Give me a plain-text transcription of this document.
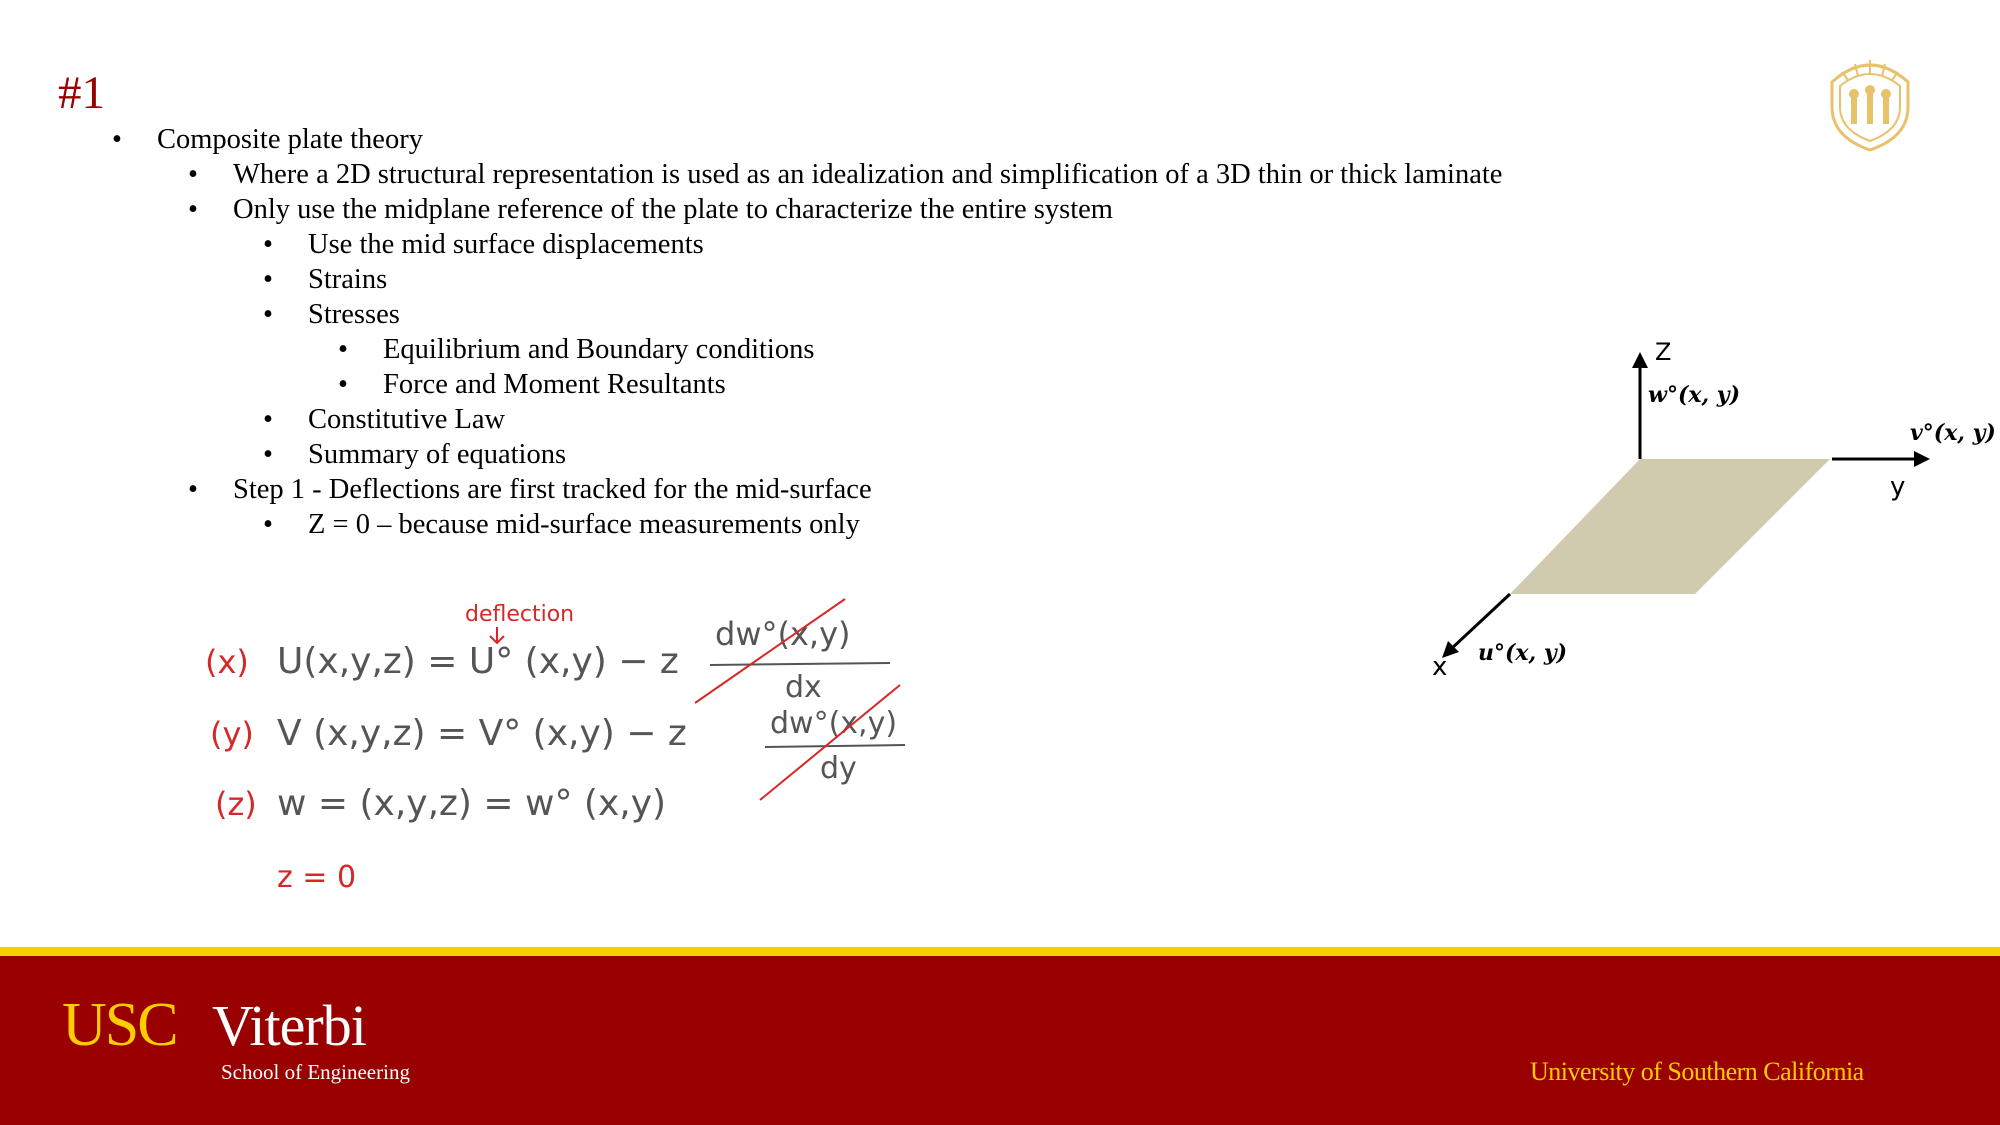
#1
• Composite plate theory
• Where a 2D structural representation is used as an idealization and simplification of a 3D thin or thick laminate
• Only use the midplane reference of the plate to characterize the entire system
• Use the mid surface displacements
• Strains
• Stresses
• Equilibrium and Boundary conditions
• Force and Moment Resultants
• Constitutive Law
• Summary of equations
• Step 1 - Deflections are first tracked for the mid-surface
• Z = 0 – because mid-surface measurements only
deflection
(x) U(x,y,z) = U° (x,y) − z
dw°(x,y)
dx
(y) V (x,y,z) = V° (x,y) − z	dw°(x,y)
dy
(z) w = (x,y,z) = w° (x,y)
z = 0
Z
w°(x, y)
y
v°(x, y)
x u°(x, y)
USC Viterbi
School of Engineering	University of Southern California
